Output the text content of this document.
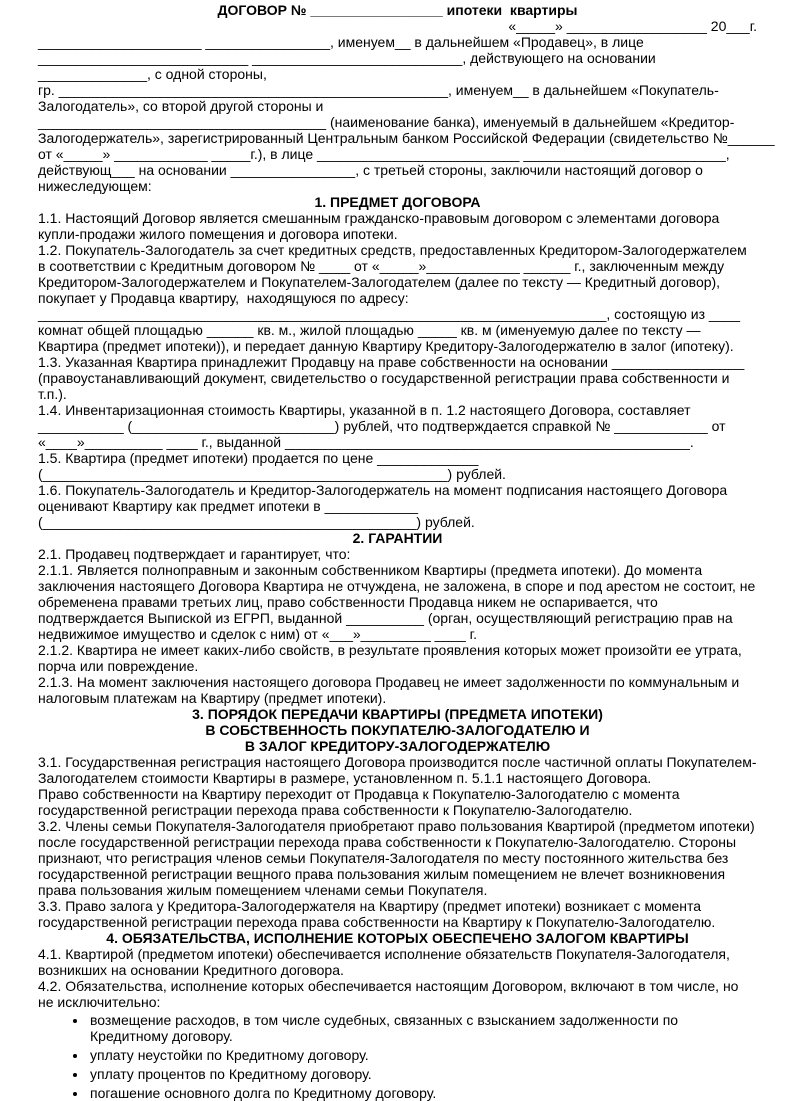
ДОГОВОР № _________________ ипотеки  квартиры
«_____» __________________ 20___г.
_____________________ ________________, именуем__ в дальнейшем «Продавец», в лице
___________________________ ___________________________, действующего на основании
______________, с одной стороны,
гр. __________________________________________________, именуем__ в дальнейшем «Покупатель-
Залогодатель», со второй другой стороны и
_____________________________________ (наименование банка), именуемый в дальнейшем «Кредитор-
Залогодержатель», зарегистрированный Центральным банком Российской Федерации (свидетельство №______
от «_____» ____________ _____г.), в лице __________________________ __________________________,
действующ___ на основании ________________, с третьей стороны, заключили настоящий договор о
нижеследующем:
1. ПРЕДМЕТ ДОГОВОРА

1.1. Настоящий Договор является смешанным гражданско-правовым договором с элементами договора купли-продажи жилого помещения и договора ипотеки.

1.2. Покупатель-Залогодатель за счет кредитных средств, предоставленных Кредитором-Залогодержателем в соответствии с Кредитным договором № ____ от «_____»____________ ______ г., заключенным между Кредитором-Залогодержателем и Покупателем-Залогодателем (далее по тексту — Кредитный договор), покупает у Продавца квартиру,  находящуюся по адресу: _________________________________________________________________________, состоящую из ____ комнат общей площадью ______ кв. м., жилой площадью _____ кв. м (именуемую далее по тексту — Квартира (предмет ипотеки)), и передает данную Квартиру Кредитору-Залогодержателю в залог (ипотеку).

1.3. Указанная Квартира принадлежит Продавцу на праве собственности на основании _________________ (правоустанавливающий документ, свидетельство о государственной регистрации права собственности и т.п.).

1.4. Инвентаризационная стоимость Квартиры, указанной в п. 1.2 настоящего Договора, составляет ___________ (__________________________) рублей, что подтверждается справкой № ____________ от «____»__________ ____ г., выданной ____________________________________________________.

1.5. Квартира (предмет ипотеки) продается по цене _____________ (____________________________________________________) рублей.

1.6. Покупатель-Залогодатель и Кредитор-Залогодержатель на момент подписания настоящего Договора оценивают Квартиру как предмет ипотеки в ____________ (________________________________________________) рублей.

2. ГАРАНТИИ

2.1. Продавец подтверждает и гарантирует, что:

2.1.1. Является полноправным и законным собственником Квартиры (предмета ипотеки). До момента заключения настоящего Договора Квартира не отчуждена, не заложена, в споре и под арестом не состоит, не обременена правами третьих лиц, право собственности Продавца никем не оспаривается, что подтверждается Выпиской из ЕГРП, выданной __________ (орган, осуществляющий регистрацию прав на недвижимое имущество и сделок с ним) от «___»_________ ____ г.

2.1.2. Квартира не имеет каких-либо свойств, в результате проявления которых может произойти ее утрата, порча или повреждение.

2.1.3. На момент заключения настоящего договора Продавец не имеет задолженности по коммунальным и налоговым платежам на Квартиру (предмет ипотеки).

3. ПОРЯДОК ПЕРЕДАЧИ КВАРТИРЫ (ПРЕДМЕТА ИПОТЕКИ)
В СОБСТВЕННОСТЬ ПОКУПАТЕЛЮ-ЗАЛОГОДАТЕЛЮ И
В ЗАЛОГ КРЕДИТОРУ-ЗАЛОГОДЕРЖАТЕЛЮ

3.1. Государственная регистрация настоящего Договора производится после частичной оплаты Покупателем-Залогодателем стоимости Квартиры в размере, установленном п. 5.1.1 настоящего Договора.

Право собственности на Квартиру переходит от Продавца к Покупателю-Залогодателю с момента государственной регистрации перехода права собственности к Покупателю-Залогодателю.

3.2. Члены семьи Покупателя-Залогодателя приобретают право пользования Квартирой (предметом ипотеки) после государственной регистрации перехода права собственности к Покупателю-Залогодателю. Стороны признают, что регистрация членов семьи Покупателя-Залогодателя по месту постоянного жительства без государственной регистрации вещного права пользования жилым помещением не влечет возникновения права пользования жилым помещением членами семьи Покупателя.

3.3. Право залога у Кредитора-Залогодержателя на Квартиру (предмет ипотеки) возникает с момента государственной регистрации перехода права собственности на Квартиру к Покупателю-Залогодателю.

4. ОБЯЗАТЕЛЬСТВА, ИСПОЛНЕНИЕ КОТОРЫХ ОБЕСПЕЧЕНО ЗАЛОГОМ КВАРТИРЫ

4.1. Квартирой (предметом ипотеки) обеспечивается исполнение обязательств Покупателя-Залогодателя, возникших на основании Кредитного договора.

4.2. Обязательства, исполнение которых обеспечивается настоящим Договором, включают в том числе, но не исключительно:

• возмещение расходов, в том числе судебных, связанных с взысканием задолженности по Кредитному договору.
• уплату неустойки по Кредитному договору.
• уплату процентов по Кредитному договору.
• погашение основного долга по Кредитному договору.
